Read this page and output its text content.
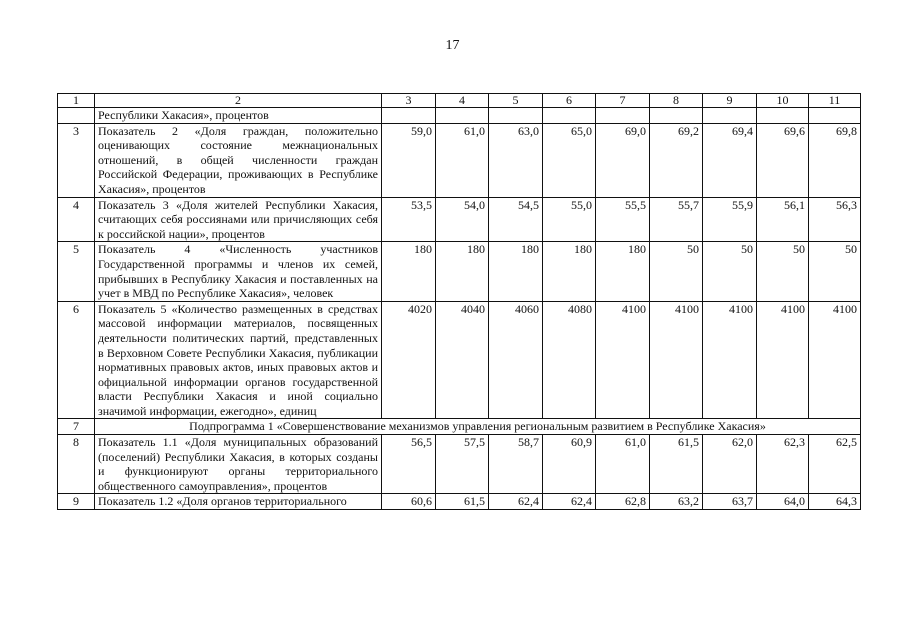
17
1	2	3	4	5	6	7	8	9	10	11
	Республики Хакасия», процентов									
3	Показатель 2 «Доля граждан, положительно оценивающих состояние межнациональных отношений, в общей численности граждан Российской Федерации, проживающих в Республике Хакасия», процентов	59,0	61,0	63,0	65,0	69,0	69,2	69,4	69,6	69,8
4	Показатель 3 «Доля жителей Республики Хакасия, считающих себя россиянами или причисляющих себя к российской нации», процентов	53,5	54,0	54,5	55,0	55,5	55,7	55,9	56,1	56,3
5	Показатель 4 «Численность участников Государственной программы и членов их семей, прибывших в Республику Хакасия и поставленных на учет в МВД по Республике Хакасия», человек	180	180	180	180	180	50	50	50	50
6	Показатель 5 «Количество размещенных в средствах массовой информации материалов, посвященных деятельности политических партий, представленных в Верховном Совете Республики Хакасия, публикации нормативных правовых актов, иных правовых актов и официальной информации органов государственной власти Республики Хакасия и иной социально значимой информации, ежегодно», единиц	4020	4040	4060	4080	4100	4100	4100	4100	4100
7	Подпрограмма 1 «Совершенствование механизмов управления региональным развитием в Республике Хакасия»									
8	Показатель 1.1 «Доля муниципальных образований (поселений) Республики Хакасия, в которых созданы и функционируют органы территориального общественного самоуправления», процентов	56,5	57,5	58,7	60,9	61,0	61,5	62,0	62,3	62,5
9	Показатель 1.2 «Доля органов территориального	60,6	61,5	62,4	62,4	62,8	63,2	63,7	64,0	64,3
